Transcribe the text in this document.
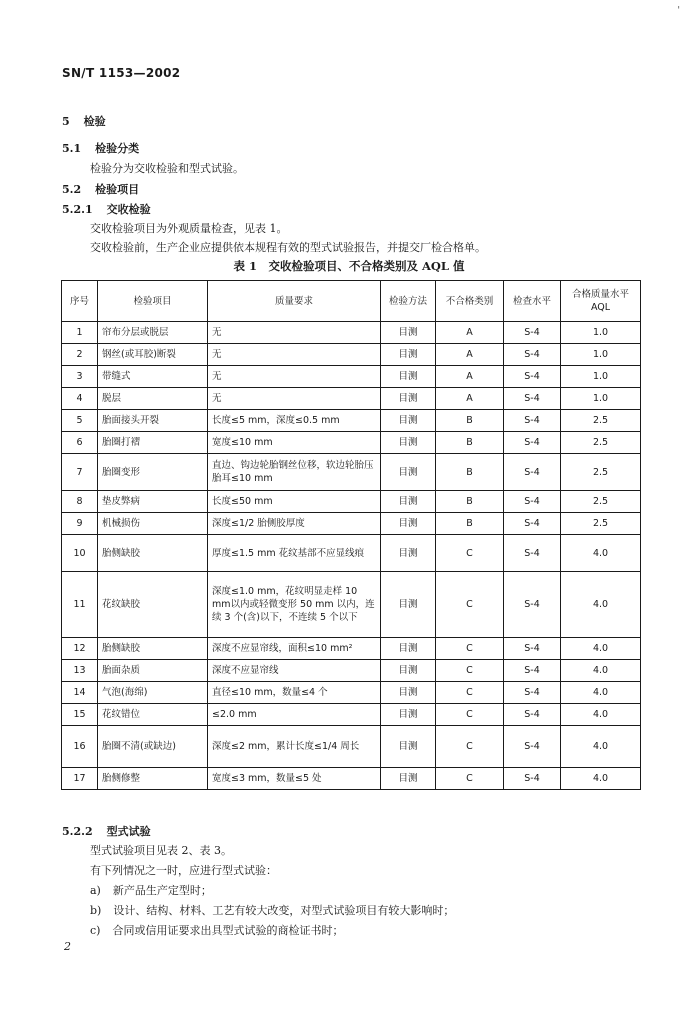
'
SN/T 1153—2002
5 检验
5.1 检验分类
检验分为交收检验和型式试验。
5.2 检验项目
5.2.1 交收检验
交收检验项目为外观质量检查，见表 1。
交收检验前，生产企业应提供依本规程有效的型式试验报告，并提交厂检合格单。
表 1　交收检验项目、不合格类别及 AQL 值
序号	检验项目	质量要求	检验方法	不合格类别	检查水平	合格质量水平
AQL

1	帘布分层或脱层	无	目测	A	S-4	1.0
2	钢丝(或耳胶)断裂	无	目测	A	S-4	1.0
3	带缝式	无	目测	A	S-4	1.0
4	脱层	无	目测	A	S-4	1.0
5	胎面接头开裂	长度≤5 mm，深度≤0.5 mm	目测	B	S-4	2.5
6	胎圈打褶	宽度≤10 mm	目测	B	S-4	2.5
7	胎圈变形	直边、钩边轮胎钢丝位移，软边轮胎压胎耳≤10 mm	目测	B	S-4	2.5
8	垫皮弊病	长度≤50 mm	目测	B	S-4	2.5
9	机械损伤	深度≤1/2 胎侧胶厚度	目测	B	S-4	2.5
10	胎侧缺胶	厚度≤1.5 mm 花纹基部不应显线痕	目测	C	S-4	4.0
11	花纹缺胶	深度≤1.0 mm，花纹明显走样 10 mm以内或轻微变形 50 mm 以内，连续 3 个(含)以下，不连续 5 个以下	目测	C	S-4	4.0
12	胎侧缺胶	深度不应显帘线，面积≤10 mm²	目测	C	S-4	4.0
13	胎面杂质	深度不应显帘线	目测	C	S-4	4.0
14	气泡(海绵)	直径≤10 mm，数量≤4 个	目测	C	S-4	4.0
15	花纹错位	≤2.0 mm	目测	C	S-4	4.0
16	胎圈不清(或缺边)	深度≤2 mm，累计长度≤1/4 周长	目测	C	S-4	4.0
17	胎侧修整	宽度≤3 mm，数量≤5 处	目测	C	S-4	4.0
5.2.2 型式试验
型式试验项目见表 2、表 3。
有下列情况之一时，应进行型式试验：
a) 新产品生产定型时；
b) 设计、结构、材料、工艺有较大改变，对型式试验项目有较大影响时；
c) 合同或信用证要求出具型式试验的商检证书时；
2
